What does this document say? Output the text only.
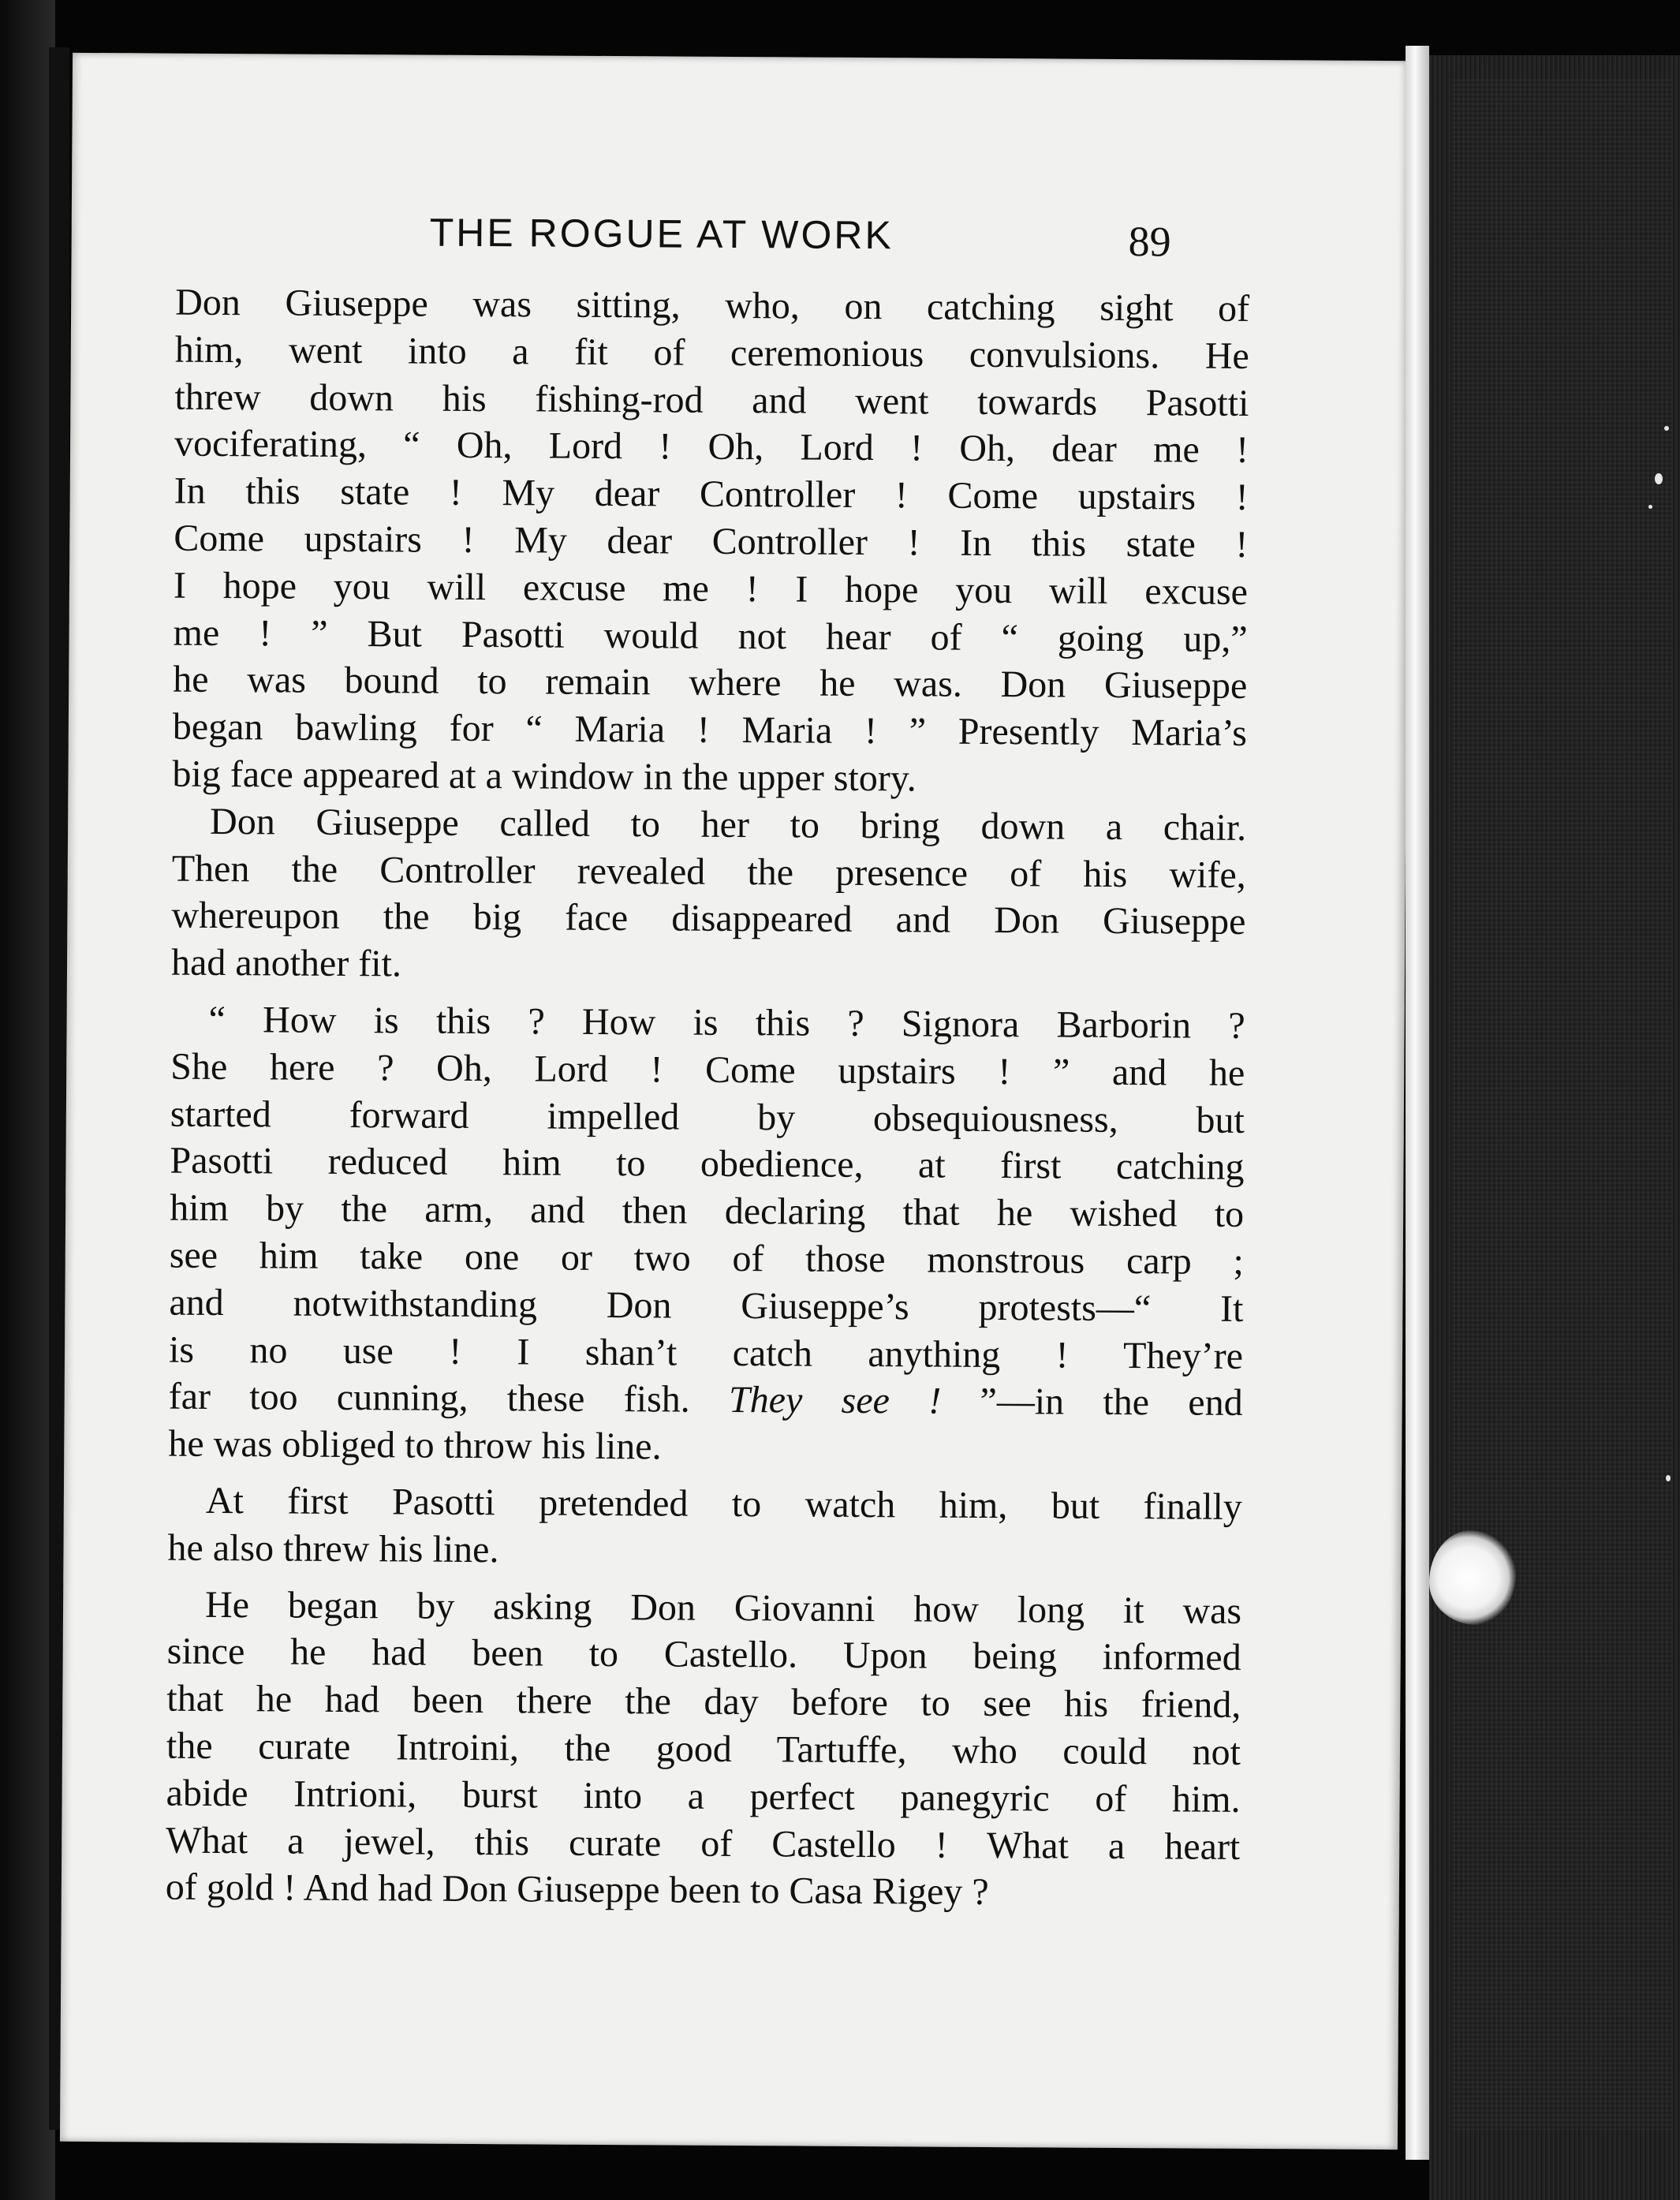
THE ROGUE AT WORK	89

Don Giuseppe was sitting, who, on catching sight of
him, went into a fit of ceremonious convulsions. He
threw down his fishing-rod and went towards Pasotti
vociferating, “ Oh, Lord ! Oh, Lord ! Oh, dear me !
In this state ! My dear Controller ! Come upstairs !
Come upstairs ! My dear Controller ! In this state !
I hope you will excuse me ! I hope you will excuse
me ! ” But Pasotti would not hear of “ going up,”
he was bound to remain where he was. Don Giuseppe
began bawling for “ Maria ! Maria ! ” Presently Maria’s
big face appeared at a window in the upper story.

Don Giuseppe called to her to bring down a chair.
Then the Controller revealed the presence of his wife,
whereupon the big face disappeared and Don Giuseppe
had another fit.

“ How is this ? How is this ? Signora Barborin ?
She here ? Oh, Lord ! Come upstairs ! ” and he
started forward impelled by obsequiousness, but
Pasotti reduced him to obedience, at first catching
him by the arm, and then declaring that he wished to
see him take one or two of those monstrous carp ;
and notwithstanding Don Giuseppe’s protests—“ It
is no use ! I shan’t catch anything ! They’re
far too cunning, these fish. They see ! ”—in the end
he was obliged to throw his line.

At first Pasotti pretended to watch him, but finally
he also threw his line.

He began by asking Don Giovanni how long it was
since he had been to Castello. Upon being informed
that he had been there the day before to see his friend,
the curate Introini, the good Tartuffe, who could not
abide Intrioni, burst into a perfect panegyric of him.
What a jewel, this curate of Castello ! What a heart
of gold ! And had Don Giuseppe been to Casa Rigey ?
